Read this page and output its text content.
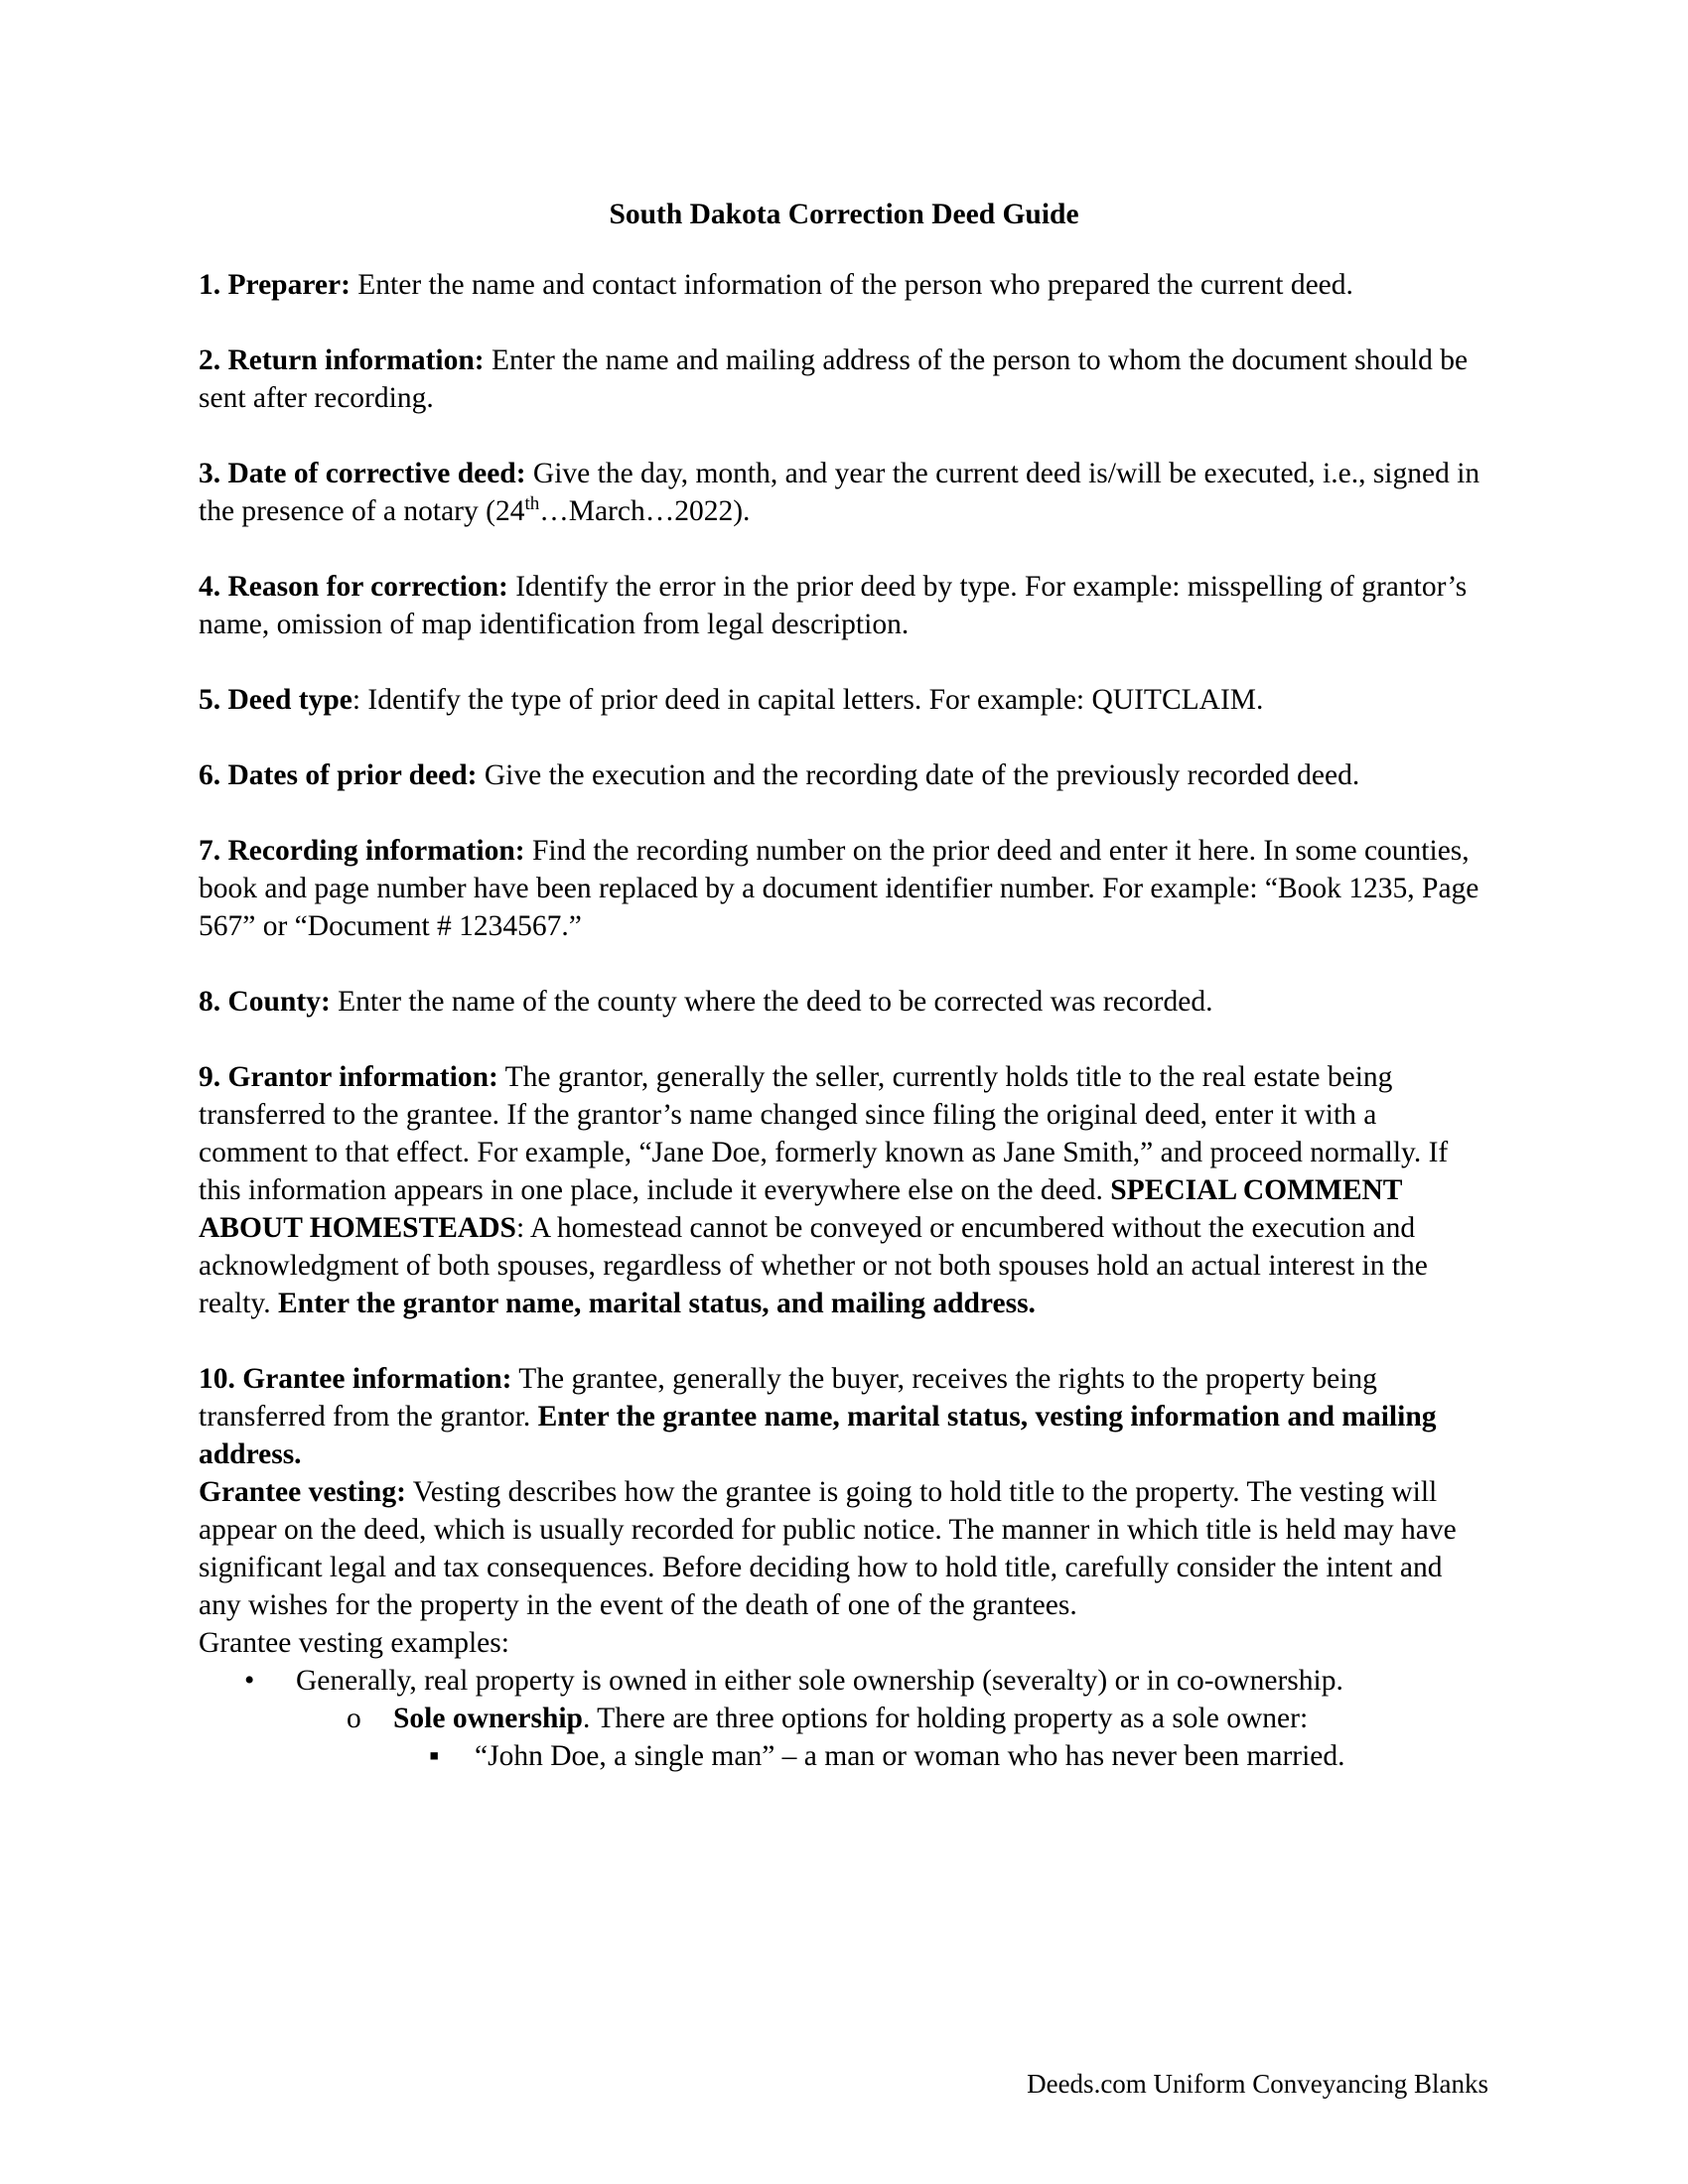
South Dakota Correction Deed Guide
1. Preparer: Enter the name and contact information of the person who prepared the current deed.
2. Return information: Enter the name and mailing address of the person to whom the document should be sent after recording.
3. Date of corrective deed: Give the day, month, and year the current deed is/will be executed, i.e., signed in the presence of a notary (24th…March…2022).
4. Reason for correction: Identify the error in the prior deed by type. For example: misspelling of grantor’s name, omission of map identification from legal description.
5. Deed type: Identify the type of prior deed in capital letters. For example: QUITCLAIM.
6. Dates of prior deed: Give the execution and the recording date of the previously recorded deed.
7. Recording information: Find the recording number on the prior deed and enter it here. In some counties, book and page number have been replaced by a document identifier number. For example: “Book 1235, Page 567” or “Document # 1234567.”
8. County: Enter the name of the county where the deed to be corrected was recorded.
9. Grantor information: The grantor, generally the seller, currently holds title to the real estate being transferred to the grantee. If the grantor’s name changed since filing the original deed, enter it with a comment to that effect. For example, “Jane Doe, formerly known as Jane Smith,” and proceed normally. If this information appears in one place, include it everywhere else on the deed. SPECIAL COMMENT ABOUT HOMESTEADS: A homestead cannot be conveyed or encumbered without the execution and acknowledgment of both spouses, regardless of whether or not both spouses hold an actual interest in the realty. Enter the grantor name, marital status, and mailing address.

10. Grantee information: The grantee, generally the buyer, receives the rights to the property being transferred from the grantor. Enter the grantee name, marital status, vesting information and mailing address.

Grantee vesting: Vesting describes how the grantee is going to hold title to the property. The vesting will appear on the deed, which is usually recorded for public notice. The manner in which title is held may have significant legal and tax consequences. Before deciding how to hold title, carefully consider the intent and any wishes for the property in the event of the death of one of the grantees.

Grantee vesting examples:

• Generally, real property is owned in either sole ownership (severalty) or in co-ownership.
o Sole ownership. There are three options for holding property as a sole owner:
▪ “John Doe, a single man” – a man or woman who has never been married.
Deeds.com Uniform Conveyancing Blanks
